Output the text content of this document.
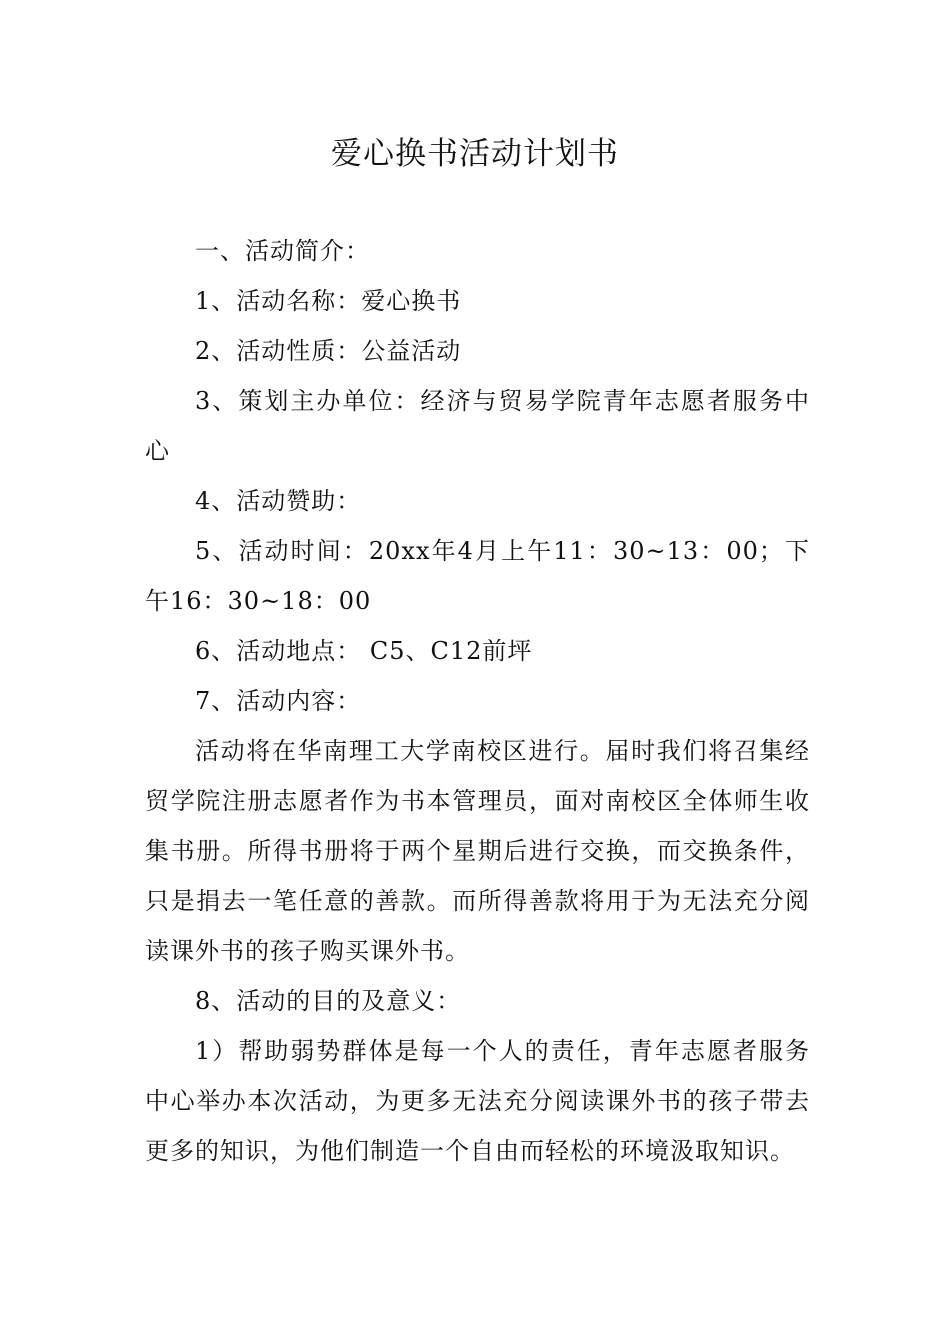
爱心换书活动计划书

一、活动简介：

1、活动名称：爱心换书

2、活动性质：公益活动

3、策划主办单位：经济与贸易学院青年志愿者服务中心

4、活动赞助：

5、活动时间：20xx年4月上午11：30~13：00；下午16：30~18：00

6、活动地点： C5、C12前坪

7、活动内容：

活动将在华南理工大学南校区进行。届时我们将召集经贸学院注册志愿者作为书本管理员，面对南校区全体师生收集书册。所得书册将于两个星期后进行交换，而交换条件，只是捐去一笔任意的善款。而所得善款将用于为无法充分阅读课外书的孩子购买课外书。

8、活动的目的及意义：

1）帮助弱势群体是每一个人的责任，青年志愿者服务中心举办本次活动，为更多无法充分阅读课外书的孩子带去更多的知识，为他们制造一个自由而轻松的环境汲取知识。
